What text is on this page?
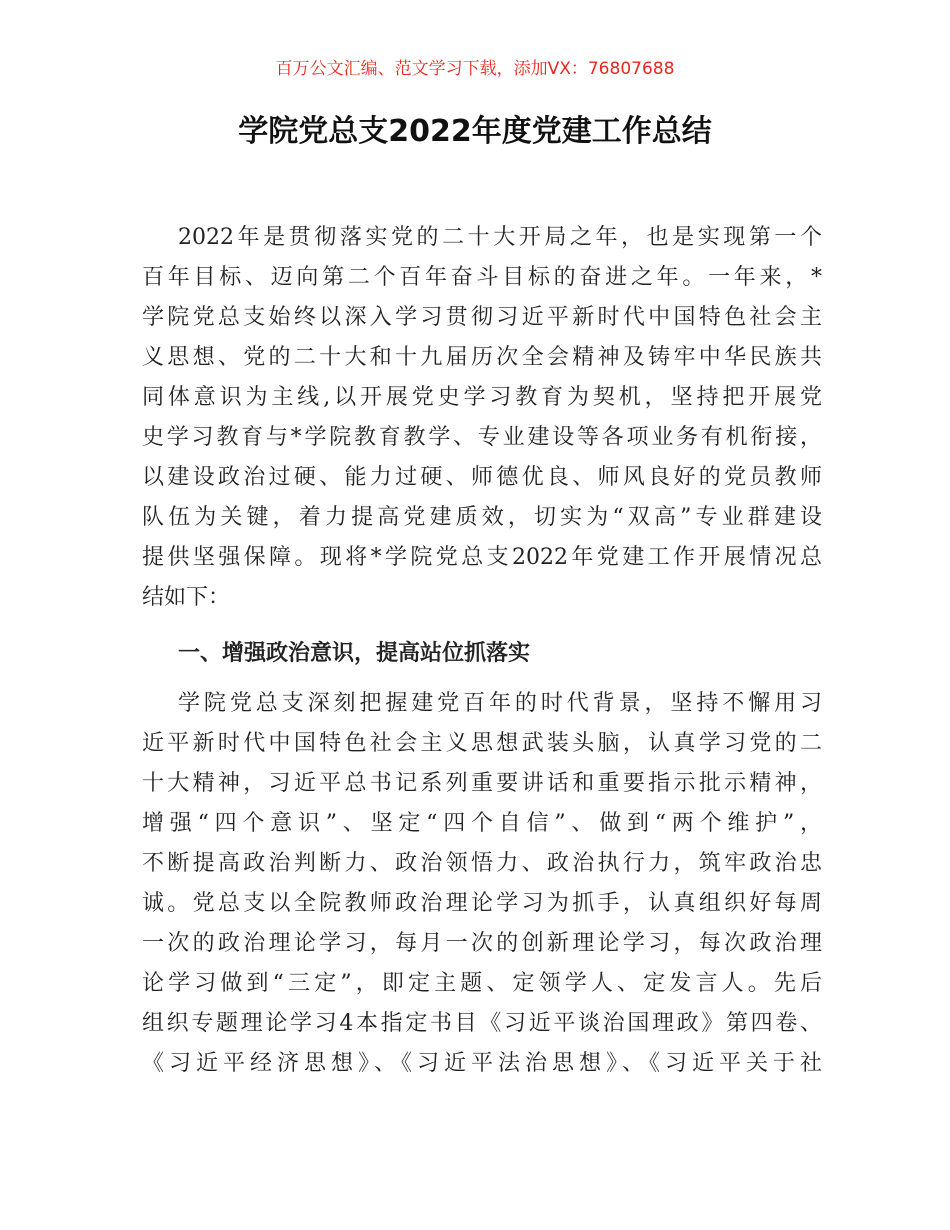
百万公文汇编、范文学习下载，添加VX：76807688
学院党总支2022年度党建工作总结
2022年是贯彻落实党的二十大开局之年，也是实现第一个
百年目标、迈向第二个百年奋斗目标的奋进之年。一年来，*
学院党总支始终以深入学习贯彻习近平新时代中国特色社会主
义思想、党的二十大和十九届历次全会精神及铸牢中华民族共
同体意识为主线,以开展党史学习教育为契机，坚持把开展党
史学习教育与*学院教育教学、专业建设等各项业务有机衔接，
以建设政治过硬、能力过硬、师德优良、师风良好的党员教师
队伍为关键，着力提高党建质效，切实为“双高”专业群建设
提供坚强保障。现将*学院党总支2022年党建工作开展情况总
结如下：
一、增强政治意识，提高站位抓落实
学院党总支深刻把握建党百年的时代背景，坚持不懈用习
近平新时代中国特色社会主义思想武装头脑，认真学习党的二
十大精神，习近平总书记系列重要讲话和重要指示批示精神，
增强“四个意识”、坚定“四个自信”、做到“两个维护”，
不断提高政治判断力、政治领悟力、政治执行力，筑牢政治忠
诚。党总支以全院教师政治理论学习为抓手，认真组织好每周
一次的政治理论学习，每月一次的创新理论学习，每次政治理
论学习做到“三定”，即定主题、定领学人、定发言人。先后
组织专题理论学习4本指定书目《习近平谈治国理政》第四卷、
《习近平经济思想》、《习近平法治思想》、《习近平关于社
